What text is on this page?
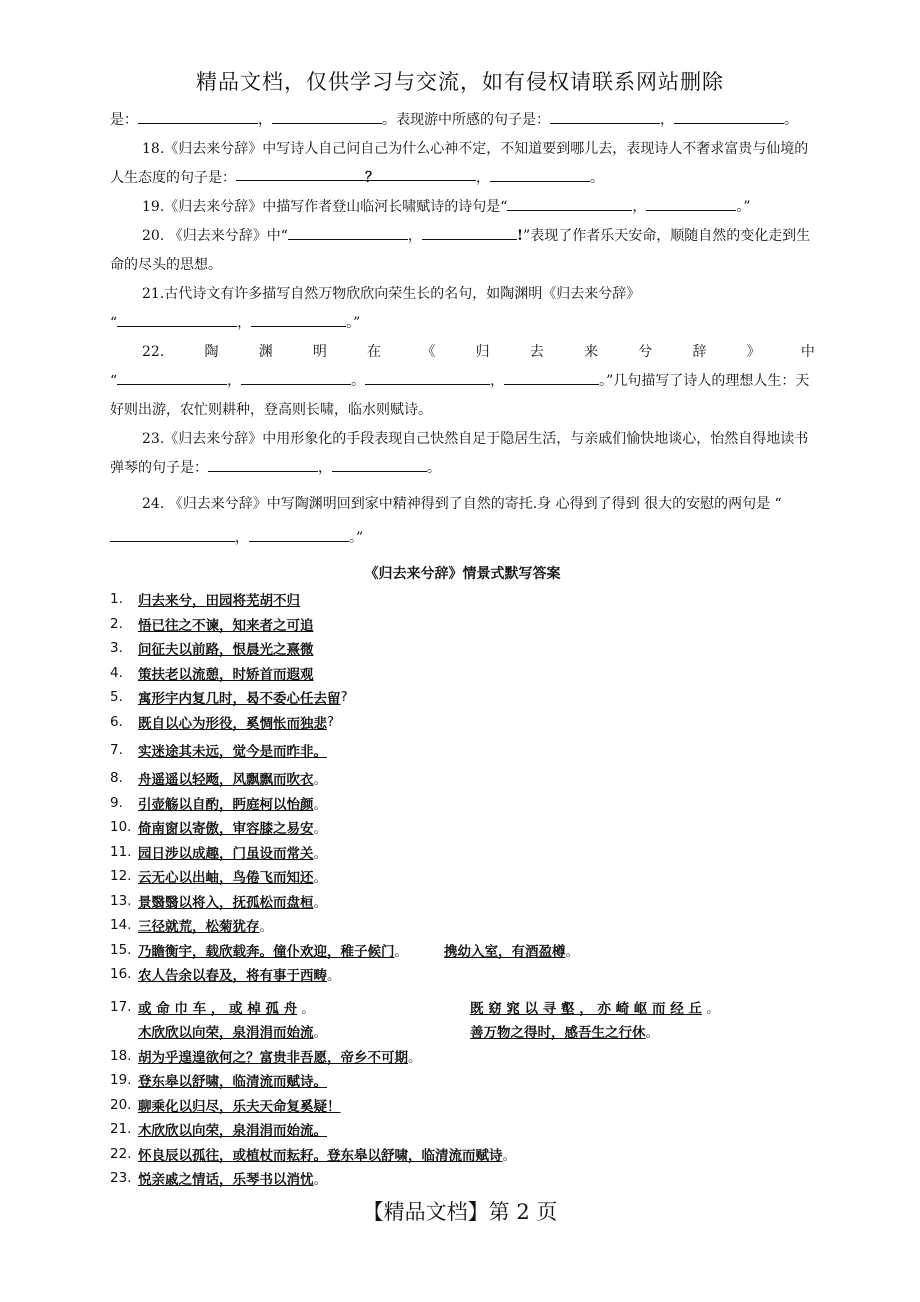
精品文档，仅供学习与交流，如有侵权请联系网站删除

是：	，	。表现游中所感的句子是：	，	。

18.《归去来兮辞》中写诗人自己问自己为什么心神不定，不知道要到哪儿去，表现诗人不奢求富贵与仙境的人生态度的句子是：	？	，	。

19.《归去来兮辞》中描写作者登山临河长啸赋诗的诗句是“	，	。”

20. 《归去来兮辞》中“	，	!”表现了作者乐天安命，顺随自然的变化走到生命的尽头的思想。

21.古代诗文有许多描写自然万物欣欣向荣生长的名句，如陶渊明《归去来兮辞》

“	，	。”

22.	陶	渊	明	在	《	归	去	来	兮	辞	》	中

“	，	。	，	。”几句描写了诗人的理想人生：天好则出游，农忙则耕种，登高则长啸，临水则赋诗。

23.《归去来兮辞》中用形象化的手段表现自己快然自足于隐居生活，与亲戚们愉快地谈心，怡然自得地读书弹琴的句子是：	，	。

24. 《归去来兮辞》中写陶渊明回到家中精神得到了自然的寄托.身 心得到了得到 很大的安慰的两句是 “，	。”

《归去来兮辞》情景式默写答案
1.	归去来兮，田园将芜胡不归
2.	悟已往之不谏，知来者之可追
3.	问征夫以前路，恨晨光之熹微
4.	策扶老以流憩，时矫首而遐观
5.	寓形宇内复几时，曷不委心任去留 ?
6.	既自以心为形役，奚惆怅而独悲 ?
7.	实迷途其未远，觉今是而昨非。
8.	舟遥遥以轻飏，风飘飘而吹衣 。
9.	引壶觞以自酌，眄庭柯以怡颜 。
10. 倚南窗以寄傲，审容膝之易安 。
11. 园日涉以成趣，门虽设而常关 。
12. 云无心以出岫，鸟倦飞而知还 。
13. 景翳翳以将入，抚孤松而盘桓 。
14. 三径就荒，松菊犹存 。
15. 乃瞻衡宇，载欣载奔。僮仆欢迎，稚子候门 。	携幼入室，有酒盈樽 。
16. 农人告余以春及，将有事于西畴 。
17. 或 命 巾 车 ， 或 棹 孤 舟 。	既 窈 窕 以 寻 壑 ， 亦 崎 岖 而 经 丘 。
木欣欣以向荣，泉涓涓而始流。	善万物之得时，感吾生之行休。
18. 胡为乎遑遑欲何之？富贵非吾愿，帝乡不可期 。
19. 登东皋以舒啸，临清流而赋诗。
20. 聊乘化以归尽，乐夫天命复奚疑！
21. 木欣欣以向荣，泉涓涓而始流。
22. 怀良辰以孤往，或植杖而耘耔。登东皋以舒啸，临清流而赋诗 。
23. 悦亲戚之情话，乐琴书以消忧 。
【精品文档】第 2 页
